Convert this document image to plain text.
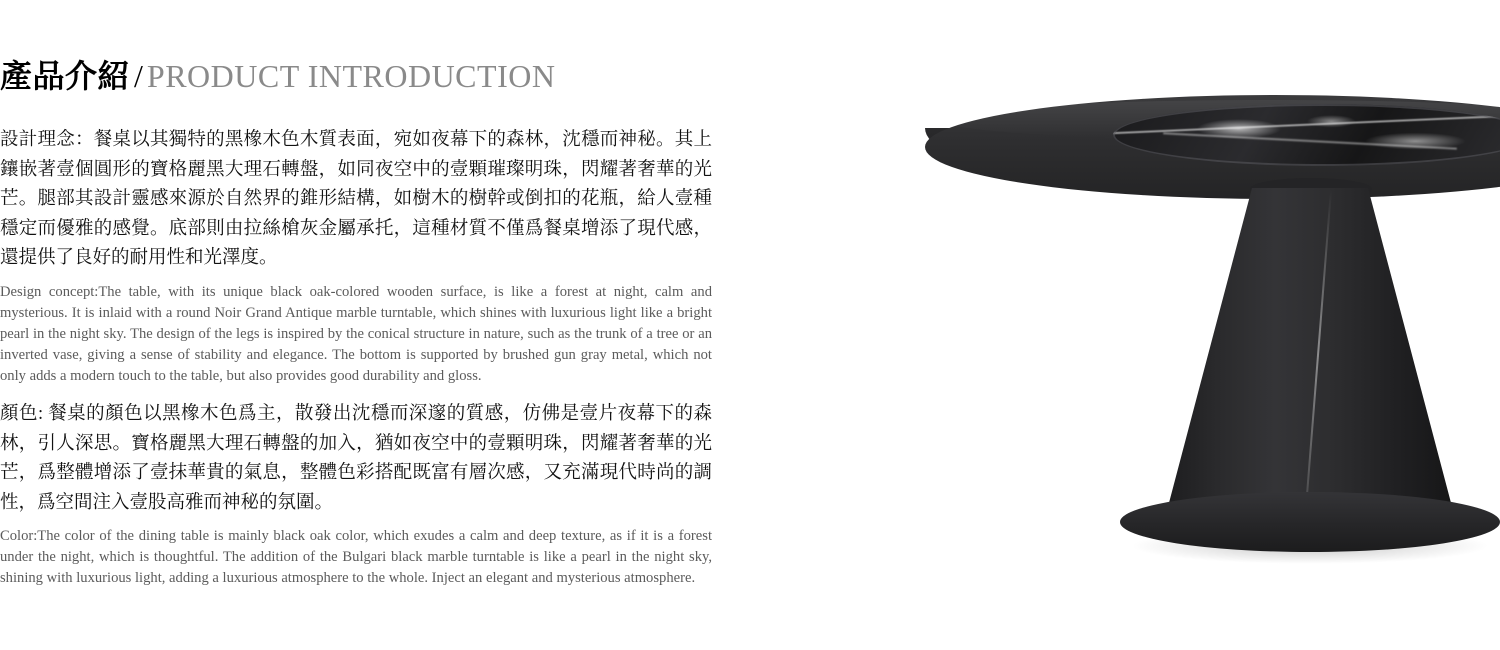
產品介紹 / PRODUCT INTRODUCTION

設計理念：餐桌以其獨特的黑橡木色木質表面，宛如夜幕下的森林，沈穩而神秘。其上鑲嵌著壹個圓形的寶格麗黑大理石轉盤，如同夜空中的壹顆璀璨明珠，閃耀著奢華的光芒。腿部其設計靈感來源於自然界的錐形結構，如樹木的樹幹或倒扣的花瓶，給人壹種穩定而優雅的感覺。底部則由拉絲槍灰金屬承托，這種材質不僅爲餐桌增添了現代感，還提供了良好的耐用性和光澤度。

Design concept:The table, with its unique black oak-colored wooden surface, is like a forest at night, calm and mysterious. It is inlaid with a round Noir Grand Antique marble turntable, which shines with luxurious light like a bright pearl in the night sky. The design of the legs is inspired by the conical structure in nature, such as the trunk of a tree or an inverted vase, giving a sense of stability and elegance. The bottom is supported by brushed gun gray metal, which not only adds a modern touch to the table, but also provides good durability and gloss.

顏色: 餐桌的顏色以黑橡木色爲主，散發出沈穩而深邃的質感，仿佛是壹片夜幕下的森林，引人深思。寶格麗黑大理石轉盤的加入，猶如夜空中的壹顆明珠，閃耀著奢華的光芒，爲整體增添了壹抹華貴的氣息，整體色彩搭配既富有層次感，又充滿現代時尚的調性，爲空間注入壹股高雅而神秘的氛圍。

Color:The color of the dining table is mainly black oak color, which exudes a calm and deep texture, as if it is a forest under the night, which is thoughtful. The addition of the Bulgari black marble turntable is like a pearl in the night sky, shining with luxurious light, adding a luxurious atmosphere to the whole. Inject an elegant and mysterious atmosphere.
